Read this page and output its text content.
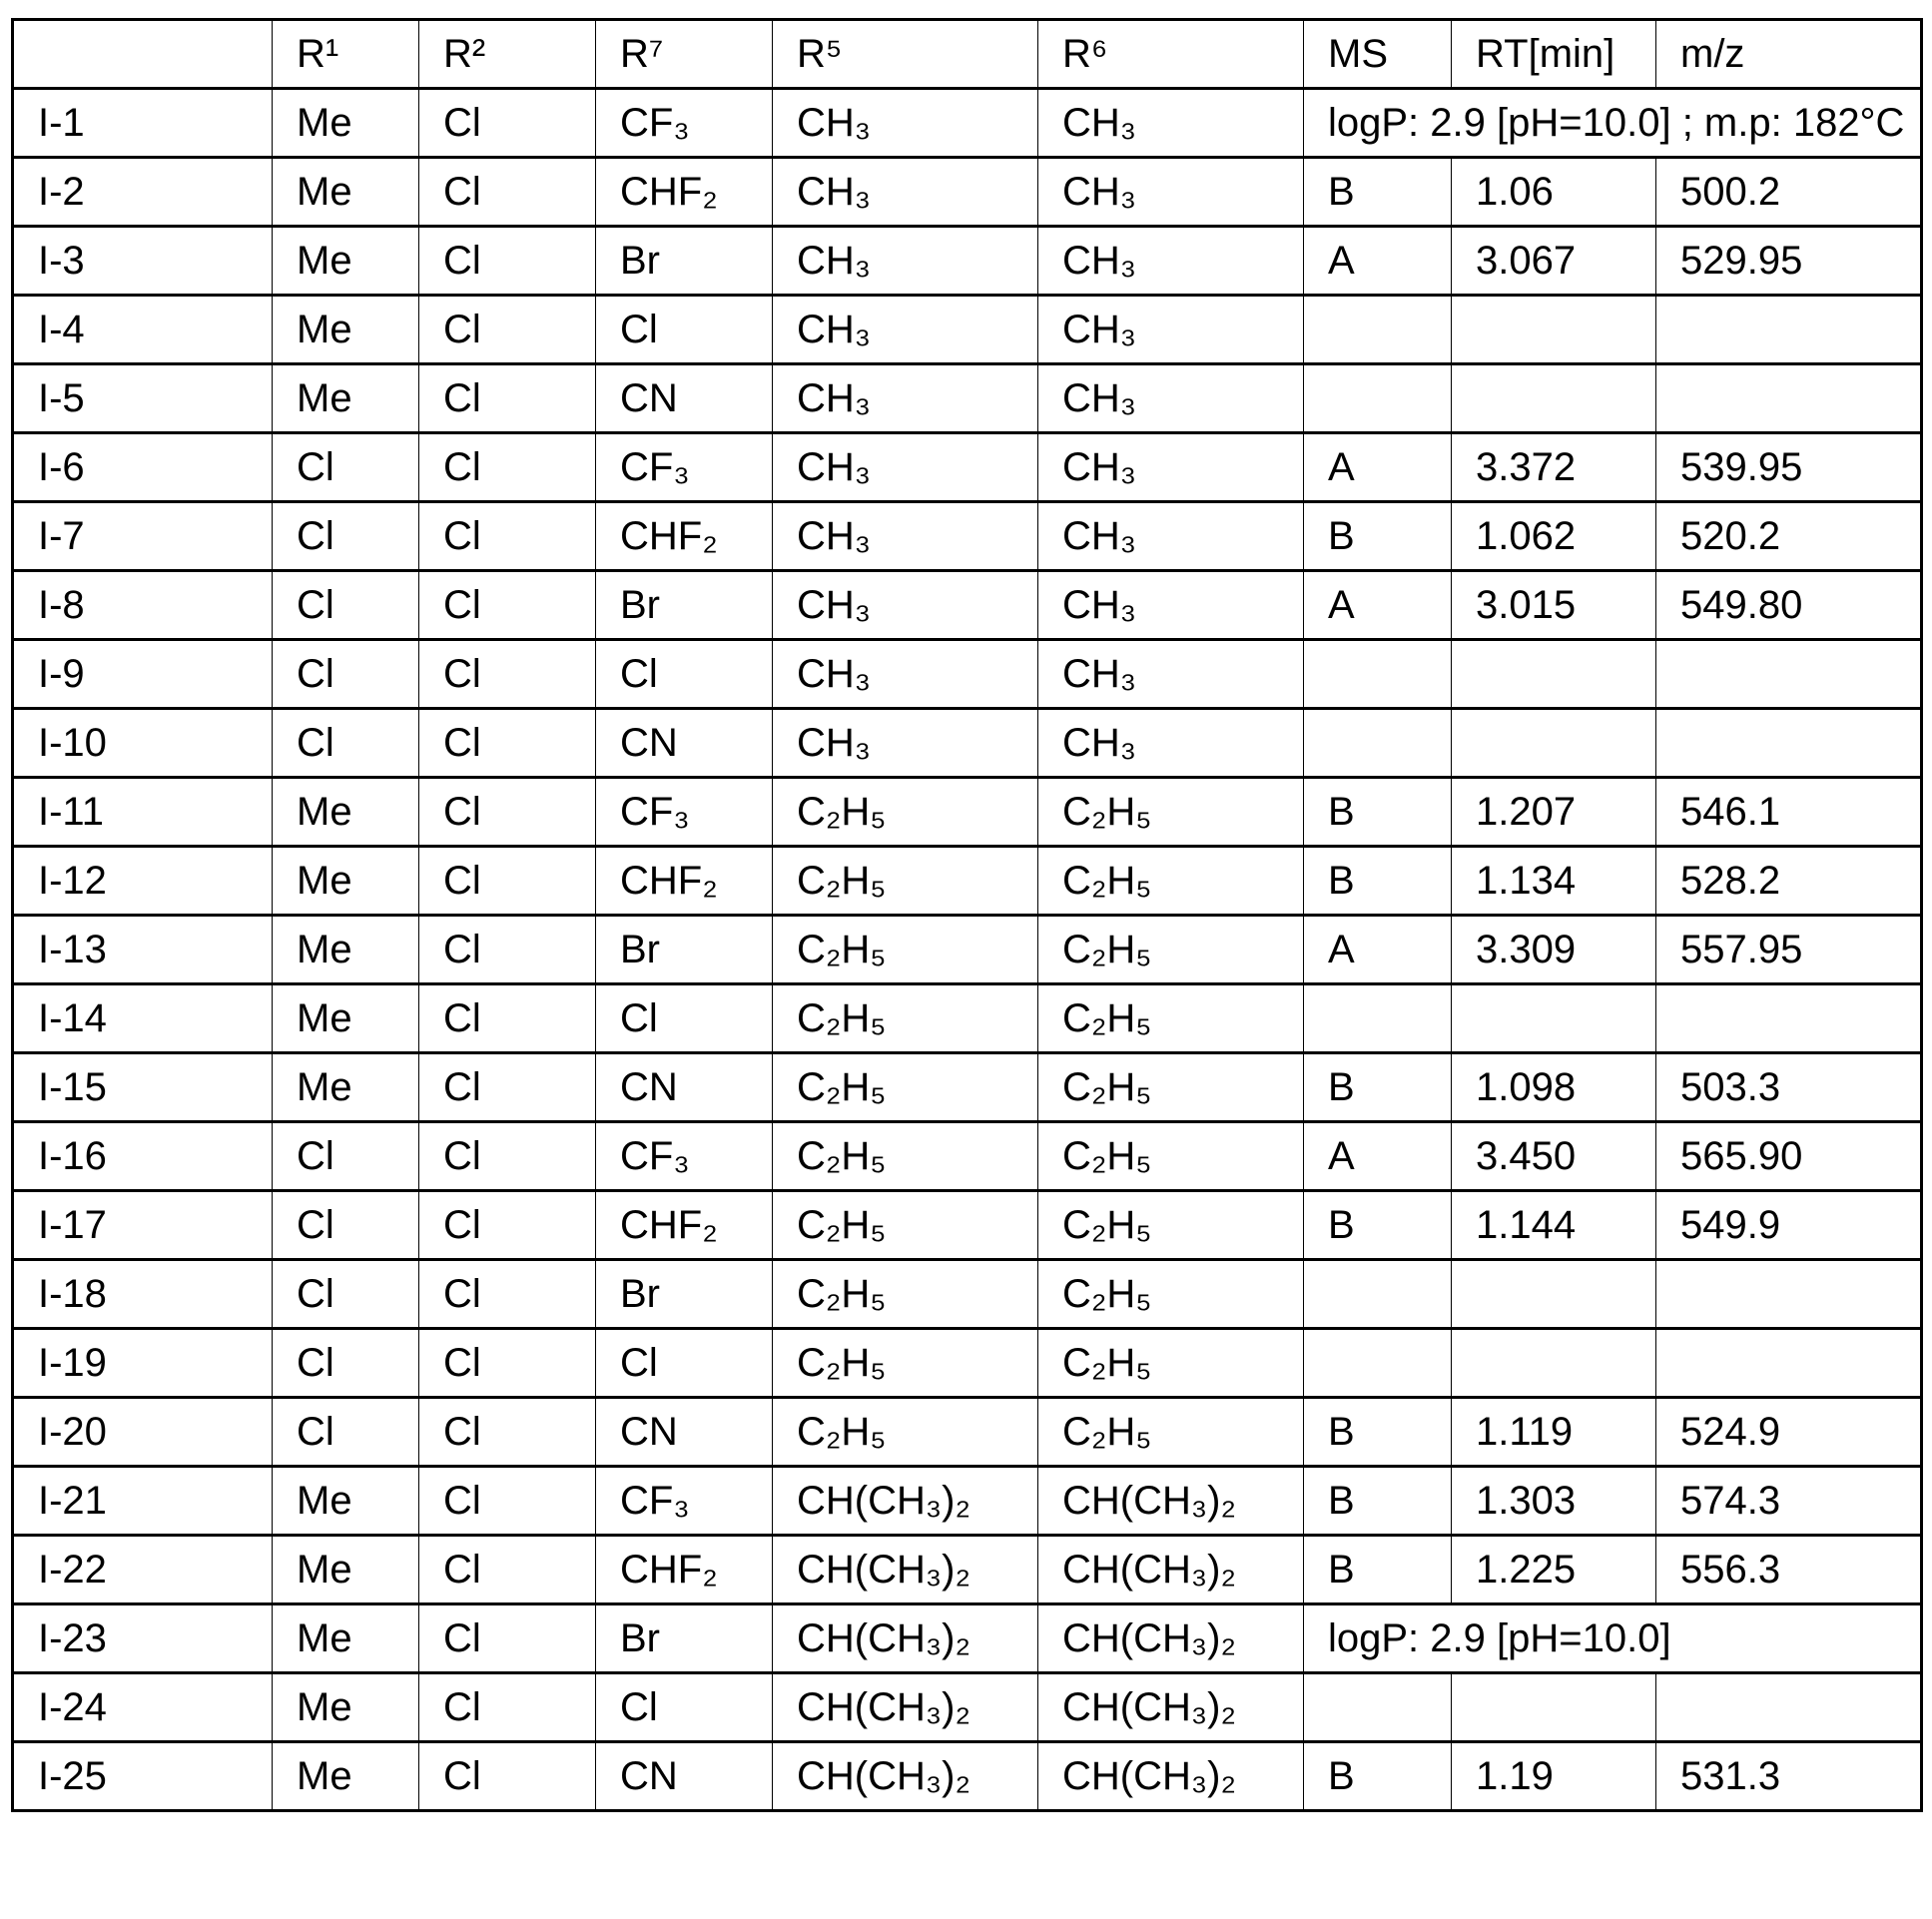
	R¹	R²	R⁷	R⁵	R⁶	MS	RT[min]	m/z
I-1	Me	Cl	CF₃	CH₃	CH₃	logP: 2.9 [pH=10.0] ; m.p: 182°C
I-2	Me	Cl	CHF₂	CH₃	CH₃	B	1.06	500.2
I-3	Me	Cl	Br	CH₃	CH₃	A	3.067	529.95
I-4	Me	Cl	Cl	CH₃	CH₃			
I-5	Me	Cl	CN	CH₃	CH₃			
I-6	Cl	Cl	CF₃	CH₃	CH₃	A	3.372	539.95
I-7	Cl	Cl	CHF₂	CH₃	CH₃	B	1.062	520.2
I-8	Cl	Cl	Br	CH₃	CH₃	A	3.015	549.80
I-9	Cl	Cl	Cl	CH₃	CH₃			
I-10	Cl	Cl	CN	CH₃	CH₃			
I-11	Me	Cl	CF₃	C₂H₅	C₂H₅	B	1.207	546.1
I-12	Me	Cl	CHF₂	C₂H₅	C₂H₅	B	1.134	528.2
I-13	Me	Cl	Br	C₂H₅	C₂H₅	A	3.309	557.95
I-14	Me	Cl	Cl	C₂H₅	C₂H₅			
I-15	Me	Cl	CN	C₂H₅	C₂H₅	B	1.098	503.3
I-16	Cl	Cl	CF₃	C₂H₅	C₂H₅	A	3.450	565.90
I-17	Cl	Cl	CHF₂	C₂H₅	C₂H₅	B	1.144	549.9
I-18	Cl	Cl	Br	C₂H₅	C₂H₅			
I-19	Cl	Cl	Cl	C₂H₅	C₂H₅			
I-20	Cl	Cl	CN	C₂H₅	C₂H₅	B	1.119	524.9
I-21	Me	Cl	CF₃	CH(CH₃)₂	CH(CH₃)₂	B	1.303	574.3
I-22	Me	Cl	CHF₂	CH(CH₃)₂	CH(CH₃)₂	B	1.225	556.3
I-23	Me	Cl	Br	CH(CH₃)₂	CH(CH₃)₂	logP: 2.9 [pH=10.0]
I-24	Me	Cl	Cl	CH(CH₃)₂	CH(CH₃)₂			
I-25	Me	Cl	CN	CH(CH₃)₂	CH(CH₃)₂	B	1.19	531.3
